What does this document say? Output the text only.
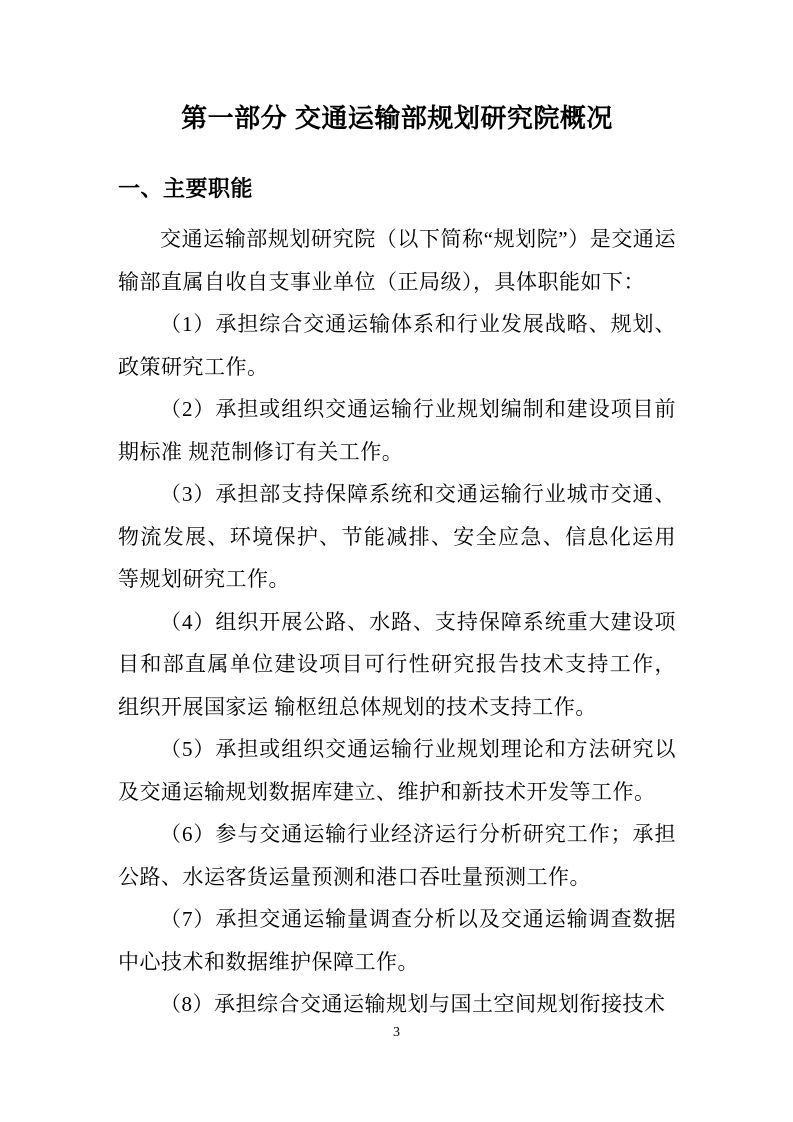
第一部分 交通运输部规划研究院概况
一、主要职能

交通运输部规划研究院（以下简称“规划院”）是交通运输部直属自收自支事业单位（正局级），具体职能如下：

（1）承担综合交通运输体系和行业发展战略、规划、政策研究工作。

（2）承担或组织交通运输行业规划编制和建设项目前期标准 规范制修订有关工作。

（3）承担部支持保障系统和交通运输行业城市交通、物流发展、环境保护、节能减排、安全应急、信息化运用等规划研究工作。

（4）组织开展公路、水路、支持保障系统重大建设项目和部直属单位建设项目可行性研究报告技术支持工作，组织开展国家运 输枢纽总体规划的技术支持工作。

（5）承担或组织交通运输行业规划理论和方法研究以及交通运输规划数据库建立、维护和新技术开发等工作。

（6）参与交通运输行业经济运行分析研究工作；承担公路、水运客货运量预测和港口吞吐量预测工作。

（7）承担交通运输量调查分析以及交通运输调查数据中心技术和数据维护保障工作。

（8）承担综合交通运输规划与国土空间规划衔接技术

3
